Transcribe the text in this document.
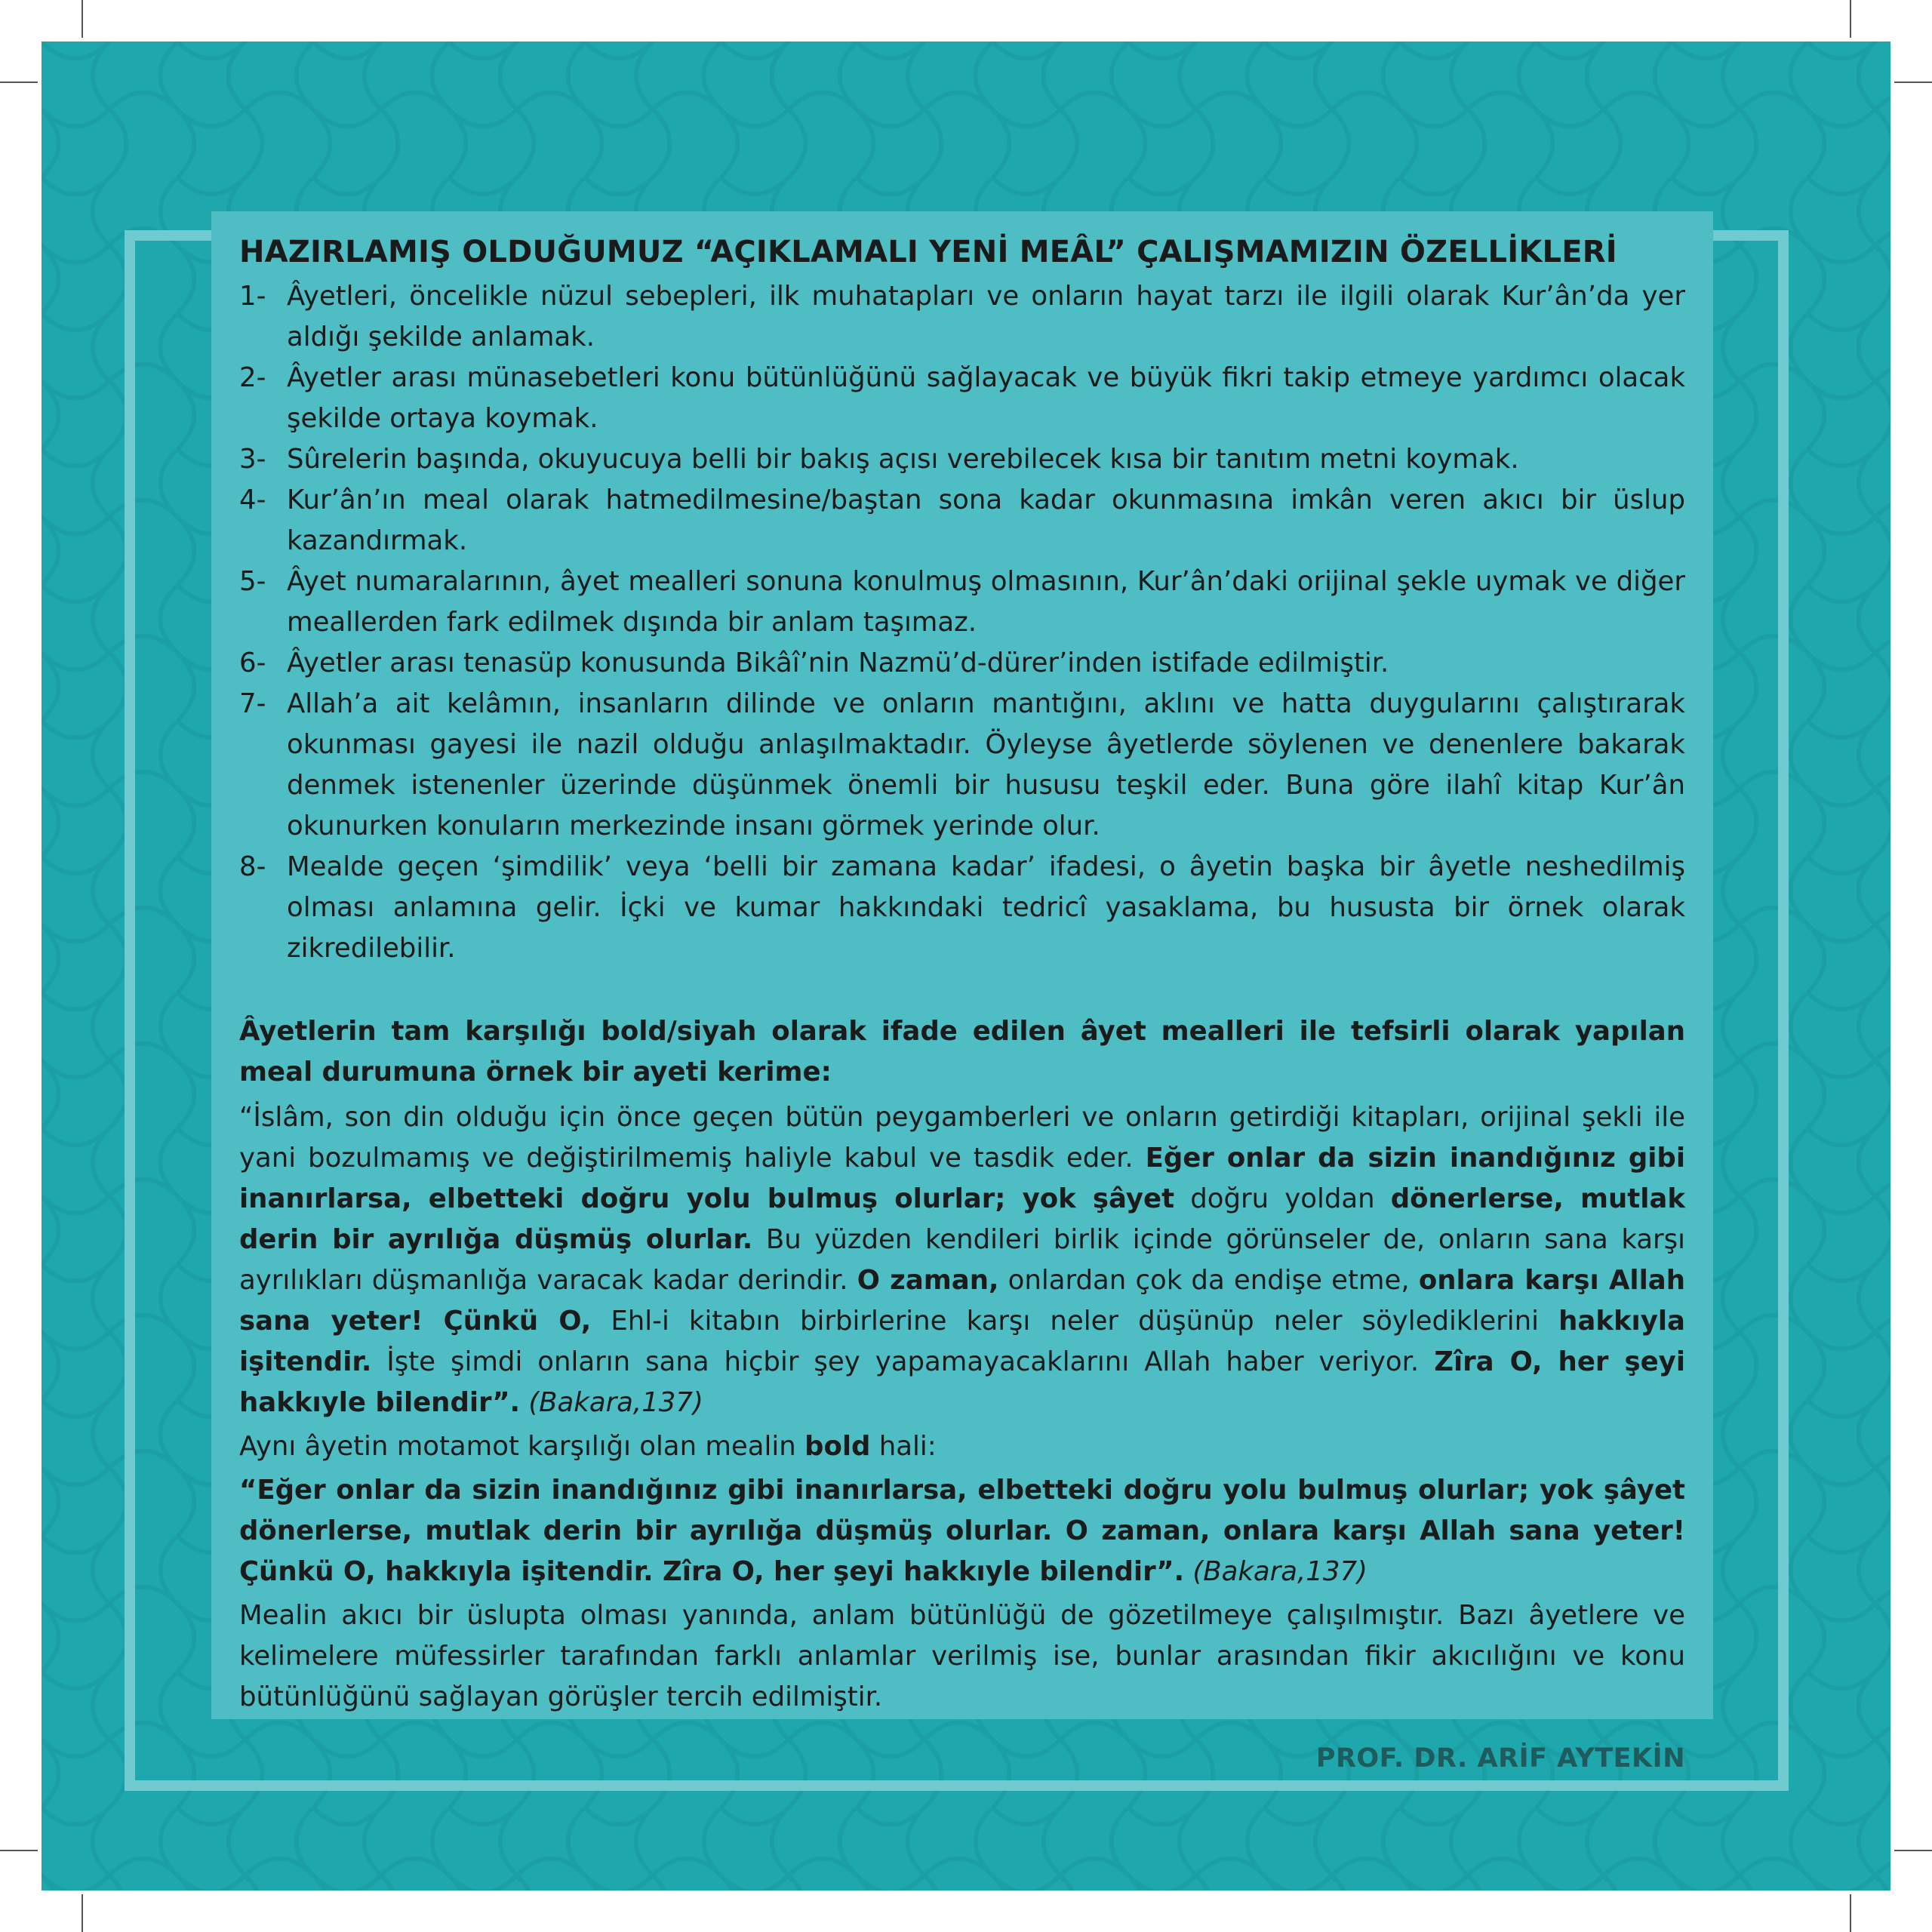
HAZIRLAMIŞ OLDUĞUMUZ “AÇIKLAMALI YENİ MEÂL” ÇALIŞMAMIZIN ÖZELLİKLERİ
1- Âyetleri, öncelikle nüzul sebepleri, ilk muhatapları ve onların hayat tarzı ile ilgili olarak Kur’ân’da yer aldığı şekilde anlamak.
2- Âyetler arası münasebetleri konu bütünlüğünü sağlayacak ve büyük fikri takip etmeye yardımcı olacak şekilde ortaya koymak.
3- Sûrelerin başında, okuyucuya belli bir bakış açısı verebilecek kısa bir tanıtım metni koymak.
4- Kur’ân’ın meal olarak hatmedilmesine/baştan sona kadar okunmasına imkân veren akıcı bir üslup kazandırmak.
5- Âyet numaralarının, âyet mealleri sonuna konulmuş olmasının, Kur’ân’daki orijinal şekle uymak ve diğer meallerden fark edilmek dışında bir anlam taşımaz.
6- Âyetler arası tenasüp konusunda Bikâî’nin Nazmü’d-dürer’inden istifade edilmiştir.
7- Allah’a ait kelâmın, insanların dilinde ve onların mantığını, aklını ve hatta duygularını çalıştırarak okunması gayesi ile nazil olduğu anlaşılmaktadır. Öyleyse âyetlerde söylenen ve denenlere bakarak denmek istenenler üzerinde düşünmek önemli bir hususu teşkil eder. Buna göre ilahî kitap Kur’ân okunurken konuların merkezinde insanı görmek yerinde olur.
8- Mealde geçen ‘şimdilik’ veya ‘belli bir zamana kadar’ ifadesi, o âyetin başka bir âyetle neshedilmiş olması anlamına gelir. İçki ve kumar hakkındaki tedricî yasaklama, bu hususta bir örnek olarak zikredilebilir.
Âyetlerin tam karşılığı bold/siyah olarak ifade edilen âyet mealleri ile tefsirli olarak yapılan meal durumuna örnek bir ayeti kerime:

“İslâm, son din olduğu için önce geçen bütün peygamberleri ve onların getirdiği kitapları, orijinal şekli ile yani bozulmamış ve değiştirilmemiş haliyle kabul ve tasdik eder. Eğer onlar da sizin inandığınız gibi inanırlarsa, elbetteki doğru yolu bulmuş olurlar; yok şâyet doğru yoldan dönerlerse, mutlak derin bir ayrılığa düşmüş olurlar. Bu yüzden kendileri birlik içinde görünseler de, onların sana karşı ayrılıkları düşmanlığa varacak kadar derindir. O zaman, onlardan çok da endişe etme, onlara karşı Allah sana yeter! Çünkü O, Ehl-i kitabın birbirlerine karşı neler düşünüp neler söylediklerini hakkıyla işitendir. İşte şimdi onların sana hiçbir şey yapamayacaklarını Allah haber veriyor. Zîra O, her şeyi hakkıyle bilendir”. (Bakara,137)

Aynı âyetin motamot karşılığı olan mealin bold hali:

“Eğer onlar da sizin inandığınız gibi inanırlarsa, elbetteki doğru yolu bulmuş olurlar; yok şâyet dönerlerse, mutlak derin bir ayrılığa düşmüş olurlar. O zaman, onlara karşı Allah sana yeter! Çünkü O, hakkıyla işitendir. Zîra O, her şeyi hakkıyle bilendir”. (Bakara,137)

Mealin akıcı bir üslupta olması yanında, anlam bütünlüğü de gözetilmeye çalışılmıştır. Bazı âyetlere ve kelimelere müfessirler tarafından farklı anlamlar verilmiş ise, bunlar arasından fikir akıcılığını ve konu bütünlüğünü sağlayan görüşler tercih edilmiştir.

PROF. DR. ARİF AYTEKİN
